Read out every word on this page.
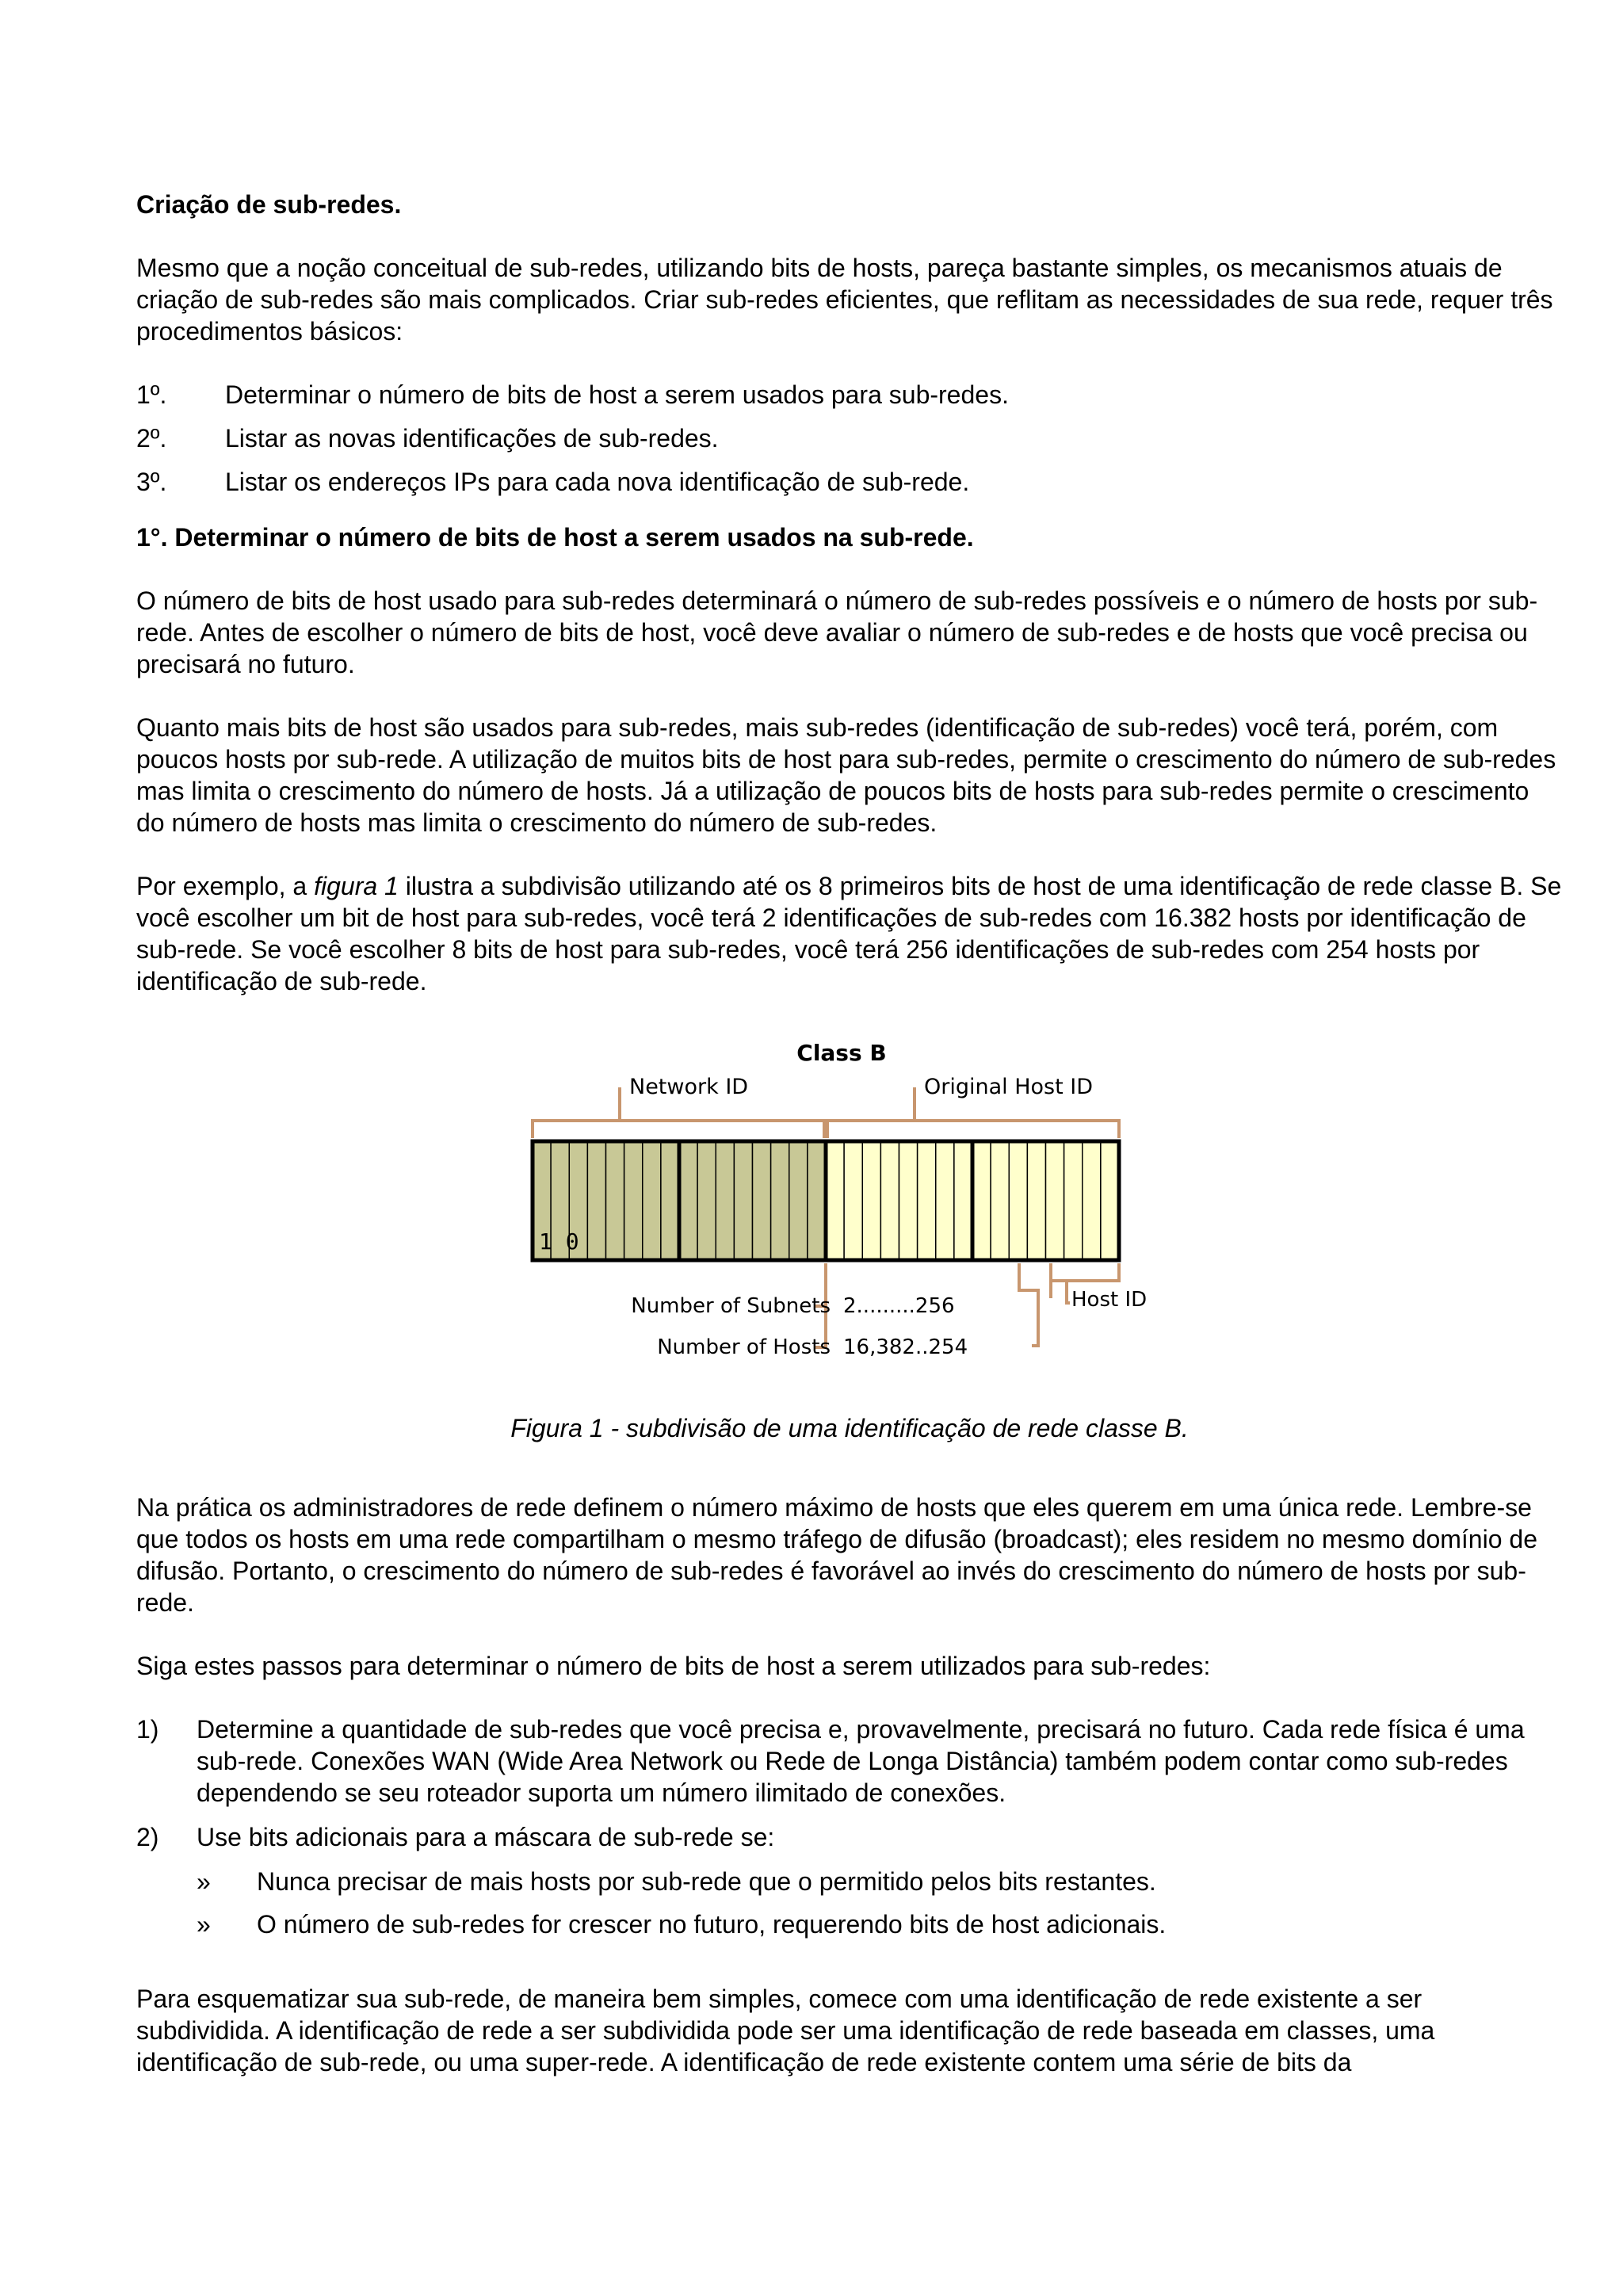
Criação de sub-redes.

Mesmo que a noção conceitual de sub-redes, utilizando bits de hosts, pareça bastante simples, os mecanismos atuais de criação de sub-redes são mais complicados. Criar sub-redes eficientes, que reflitam as necessidades de sua rede, requer três procedimentos básicos:

1º.	Determinar o número de bits de host a serem usados para sub-redes.
2º.	Listar as novas identificações de sub-redes.
3º.	Listar os endereços IPs para cada nova identificação de sub-rede.
1°. Determinar o número de bits de host a serem usados na sub-rede.

O número de bits de host usado para sub-redes determinará o número de sub-redes possíveis e o número de hosts por sub-rede. Antes de escolher o número de bits de host, você deve avaliar o número de sub-redes e de hosts que você precisa ou precisará no futuro.

Quanto mais bits de host são usados para sub-redes, mais sub-redes (identificação de sub-redes) você terá, porém, com poucos hosts por sub-rede. A utilização de muitos bits de host para sub-redes, permite o crescimento do número de sub-redes mas limita o crescimento do número de hosts. Já a utilização de poucos bits de hosts para sub-redes permite o crescimento do número de hosts mas limita o crescimento do número de sub-redes.

Por exemplo, a figura 1 ilustra a subdivisão utilizando até os 8 primeiros bits de host de uma identificação de rede classe B. Se você escolher um bit de host para sub-redes, você terá 2 identificações de sub-redes com 16.382 hosts por identificação de sub-rede. Se você escolher 8 bits de host para sub-redes, você terá 256 identificações de sub-redes com 254 hosts por identificação de sub-rede.

Class B
Network ID	Original Host ID
1 0
Number of Subnets 2.........256
Number of Hosts 16,382..254
Host ID

Figura 1 - subdivisão de uma identificação de rede classe B.

Na prática os administradores de rede definem o número máximo de hosts que eles querem em uma única rede. Lembre-se que todos os hosts em uma rede compartilham o mesmo tráfego de difusão (broadcast); eles residem no mesmo domínio de difusão. Portanto, o crescimento do número de sub-redes é favorável ao invés do crescimento do número de hosts por sub-rede.

Siga estes passos para determinar o número de bits de host a serem utilizados para sub-redes:

1)	Determine a quantidade de sub-redes que você precisa e, provavelmente, precisará no futuro. Cada rede física é uma sub-rede. Conexões WAN (Wide Area Network ou Rede de Longa Distância) também podem contar como sub-redes dependendo se seu roteador suporta um número ilimitado de conexões.
2)	Use bits adicionais para a máscara de sub-rede se:
»	Nunca precisar de mais hosts por sub-rede que o permitido pelos bits restantes.
»	O número de sub-redes for crescer no futuro, requerendo bits de host adicionais.

Para esquematizar sua sub-rede, de maneira bem simples, comece com uma identificação de rede existente a ser subdividida. A identificação de rede a ser subdividida pode ser uma identificação de rede baseada em classes, uma identificação de sub-rede, ou uma super-rede. A identificação de rede existente contem uma série de bits da
